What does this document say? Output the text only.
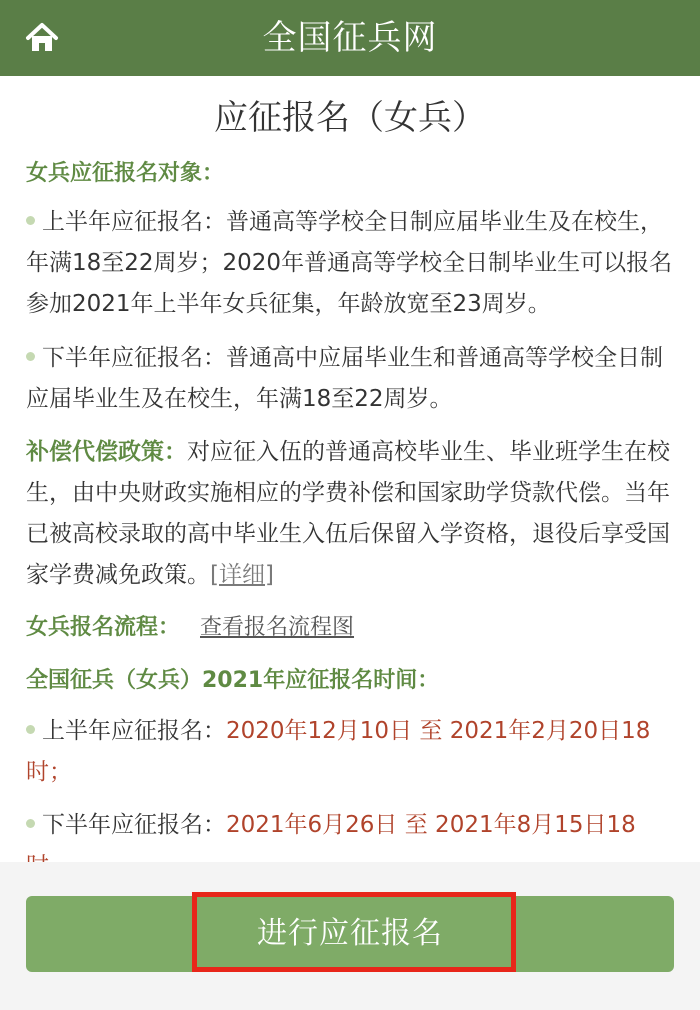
全国征兵网
应征报名（女兵）
女兵应征报名对象：
上半年应征报名：普通高等学校全日制应届毕业生及在校生，年满18至22周岁；2020年普通高等学校全日制毕业生可以报名参加2021年上半年女兵征集，年龄放宽至23周岁。
下半年应征报名：普通高中应届毕业生和普通高等学校全日制应届毕业生及在校生，年满18至22周岁。
补偿代偿政策：对应征入伍的普通高校毕业生、毕业班学生在校生，由中央财政实施相应的学费补偿和国家助学贷款代偿。当年已被高校录取的高中毕业生入伍后保留入学资格，退役后享受国家学费减免政策。[详细]
女兵报名流程： 查看报名流程图
全国征兵（女兵）2021年应征报名时间：
上半年应征报名：2020年12月10日 至 2021年2月20日18时；
下半年应征报名：2021年6月26日 至 2021年8月15日18
进行应征报名
